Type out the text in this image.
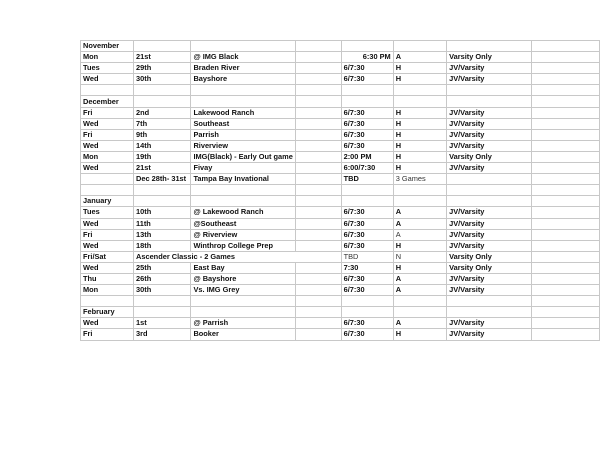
November							
Mon	21st	@ IMG Black		6:30 PM	A	Varsity Only	
Tues	29th	Braden River		6/7:30	H	JV/Varsity	
Wed	30th	Bayshore		6/7:30	H	JV/Varsity	

December							
Fri	2nd	Lakewood Ranch		6/7:30	H	JV/Varsity	
Wed	7th	Southeast		6/7:30	H	JV/Varsity	
Fri	9th	Parrish		6/7:30	H	JV/Varsity	
Wed	14th	Riverview		6/7:30	H	JV/Varsity	
Mon	19th	IMG(Black) - Early Out game		2:00 PM	H	Varsity Only	
Wed	21st	Fivay		6:00/7:30	H	JV/Varsity	
	Dec 28th- 31st	Tampa Bay Invational		TBD	3 Games		

January							
Tues	10th	@ Lakewood Ranch		6/7:30	A	JV/Varsity	
Wed	11th	@Southeast		6/7:30	A	JV/Varsity	
Fri	13th	@ Riverview		6/7:30	A	JV/Varsity	
Wed	18th	Winthrop College Prep		6/7:30	H	JV/Varsity	
Fri/Sat	Ascender Classic - 2 Games			TBD	N	Varsity Only	
Wed	25th	East Bay		7:30	H	Varsity Only	
Thu	26th	@ Bayshore		6/7:30	A	JV/Varsity	
Mon	30th	Vs. IMG Grey		6/7:30	A	JV/Varsity	

February							
Wed	1st	@ Parrish		6/7:30	A	JV/Varsity	
Fri	3rd	Booker		6/7:30	H	JV/Varsity	
